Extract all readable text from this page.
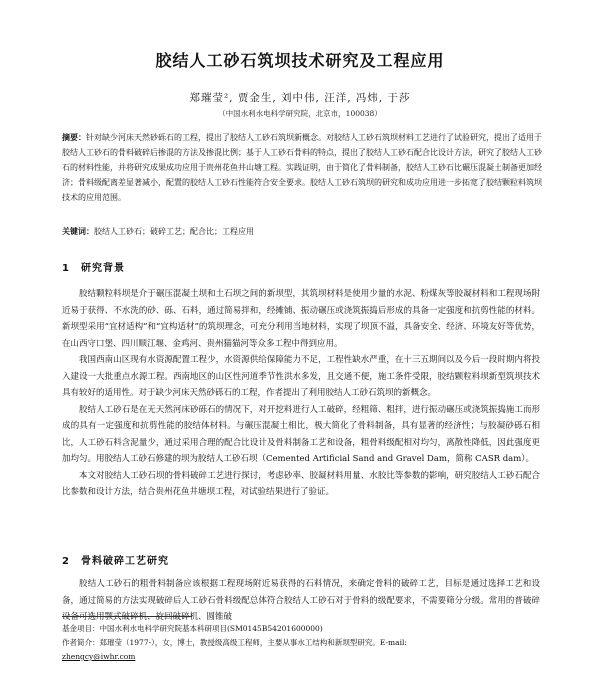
胶结人工砂石筑坝技术研究及工程应用
郑璀莹², 贾金生, 刘中伟, 汪洋, 冯炜, 于莎
（中国水利水电科学研究院，北京市，100038）
摘要：针对缺少河床天然砂砾石的工程，提出了胶结人工砂石筑坝新概念。对胶结人工砂石筑坝材料工艺进行了试验研究，提出了适用于胶结人工砂石的骨料破碎后掺混的方法及掺混比例；基于人工砂石骨料的特点，提出了胶结人工砂石配合比设计方法，研究了胶结人工砂石的材料性能，并将研究成果成功应用于贵州花鱼井山塘工程。实践证明，由于简化了骨料制备，胶结人工砂石比碾压混凝土制备更加经济；骨料级配离差显著减小，配置的胶结人工砂石性能符合安全要求。胶结人工砂石筑坝的研究和成功应用进一步拓宽了胶结颗粒料筑坝技术的应用范围。
关键词：胶结人工砂石；破碎工艺；配合比；工程应用
1　研究背景

胶结颗粒料坝是介于碾压混凝土坝和土石坝之间的新坝型，其筑坝材料是使用少量的水泥、粉煤灰等胶凝材料和工程现场附近易于获得、不水洗的砂、砾、石料，通过简易拌和，经摊铺、振动碾压或浇筑振捣后形成的具备一定强度和抗剪性能的材料。新坝型采用“宜材适构”和“宜构适材”的筑坝理念，可充分利用当地材料，实现了坝顶不溢，具备安全、经济、环境友好等优势，在山西守口堡、四川顺江堰、金鸡河、贵州猫猫河等众多工程中得到应用。

我国西南山区现有水资源配置工程少，水资源供给保障能力不足，工程性缺水严重，在十三五期间以及今后一段时期内将投入建设一大批重点水源工程。西南地区的山区性河道季节性洪水多发，且交通不便，施工条件受限，胶结颗粒料坝新型筑坝技术具有较好的适用性。对于缺少河床天然砂砾石的工程，作者提出了利用胶结人工砂石筑坝的新概念。

胶结人工砂石是在无天然河床砂砾石的情况下，对开挖料进行人工破碎，经粗筛、粗拌，进行振动碾压或浇筑振捣施工而形成的具有一定强度和抗剪性能的胶结体材料。与碾压混凝土相比，极大简化了骨料制备，具有显著的经济性；与胶凝砂砾石相比，人工砂石料含泥量少，通过采用合理的配合比设计及骨料制备工艺和设备，粗骨料级配相对均匀，离散性降低，因此强度更加均匀。用胶结人工砂石修建的坝为胶结人工砂石坝（Cemented Artificial Sand and Gravel Dam，简称 CASR dam）。

本文对胶结人工砂石坝的骨料破碎工艺进行探讨，考虑砂率、胶凝材料用量、水胶比等参数的影响，研究胶结人工砂石配合比参数和设计方法，结合贵州花鱼井塘坝工程，对试验结果进行了验证。

2　骨料破碎工艺研究

胶结人工砂石的粗骨料制备应该根据工程现场附近易获得的石料情况，来确定骨料的破碎工艺，目标是通过选择工艺和设备，通过简易的方法实现破碎后人工砂石骨料级配总体符合胶结人工砂石对于骨料的级配要求，不需要筛分分级。常用的普破碎设备可选用颚式破碎机、旋回破碎机、圆锥破

基金项目：中国水利水电科学研究院基本科研项目(SM0145B54201600000)
作者简介：郑璀莹（1977-），女，博士，教授级高级工程师，主要从事水工结构和新坝型研究。E-mail:
zhengcy@iwhr.com
